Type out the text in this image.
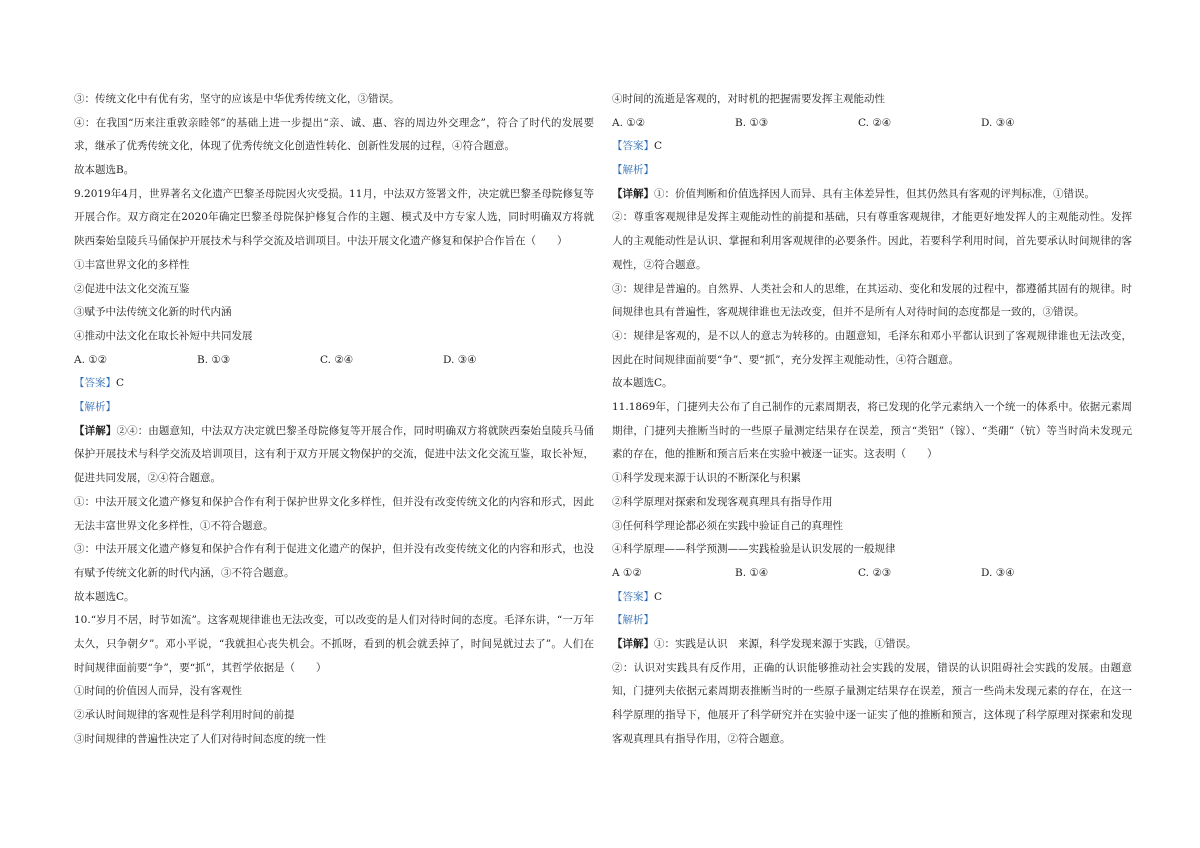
③：传统文化中有优有劣，坚守的应该是中华优秀传统文化，③错误。
④：在我国“历来注重敦亲睦邻”的基础上进一步提出“亲、诚、惠、容的周边外交理念”，符合了时代的发展要求，继承了优秀传统文化，体现了优秀传统文化创造性转化、创新性发展的过程，④符合题意。
故本题选B。
9.2019年4月，世界著名文化遗产巴黎圣母院因火灾受损。11月，中法双方签署文件，决定就巴黎圣母院修复等开展合作。双方商定在2020年确定巴黎圣母院保护修复合作的主题、模式及中方专家人选，同时明确双方将就陕西秦始皇陵兵马俑保护开展技术与科学交流及培训项目。中法开展文化遗产修复和保护合作旨在（　　）
①丰富世界文化的多样性
②促进中法文化交流互鉴
③赋予中法传统文化新的时代内涵
④推动中法文化在取长补短中共同发展
A. ①②	B. ①③	C. ②④	D. ③④
【答案】C
【解析】
【详解】②④：由题意知，中法双方决定就巴黎圣母院修复等开展合作，同时明确双方将就陕西秦始皇陵兵马俑保护开展技术与科学交流及培训项目，这有利于双方开展文物保护的交流，促进中法文化交流互鉴，取长补短，促进共同发展，②④符合题意。
①：中法开展文化遗产修复和保护合作有利于保护世界文化多样性，但并没有改变传统文化的内容和形式，因此无法丰富世界文化多样性，①不符合题意。
③：中法开展文化遗产修复和保护合作有利于促进文化遗产的保护，但并没有改变传统文化的内容和形式，也没有赋予传统文化新的时代内涵，③不符合题意。
故本题选C。
10.“岁月不居，时节如流”。这客观规律谁也无法改变，可以改变的是人们对待时间的态度。毛泽东讲，“一万年太久，只争朝夕”。邓小平说，“我就担心丧失机会。不抓呀，看到的机会就丢掉了，时间晃就过去了”。人们在时间规律面前要“争”，要“抓”，其哲学依据是（　　）
①时间的价值因人而异，没有客观性
②承认时间规律的客观性是科学利用时间的前提
③时间规律的普遍性决定了人们对待时间态度的统一性
④时间的流逝是客观的，对时机的把握需要发挥主观能动性
A. ①②	B. ①③	C. ②④	D. ③④
【答案】C
【解析】
【详解】①：价值判断和价值选择因人而异、具有主体差异性，但其仍然具有客观的评判标准，①错误。
②：尊重客观规律是发挥主观能动性的前提和基础，只有尊重客观规律，才能更好地发挥人的主观能动性。发挥人的主观能动性是认识、掌握和利用客观规律的必要条件。因此，若要科学利用时间，首先要承认时间规律的客观性，②符合题意。
③：规律是普遍的。自然界、人类社会和人的思维，在其运动、变化和发展的过程中，都遵循其固有的规律。时间规律也具有普遍性，客观规律谁也无法改变，但并不是所有人对待时间的态度都是一致的，③错误。
④：规律是客观的，是不以人的意志为转移的。由题意知，毛泽东和邓小平都认识到了客观规律谁也无法改变，因此在时间规律面前要“争”、要“抓”，充分发挥主观能动性，④符合题意。
故本题选C。
11.1869年，门捷列夫公布了自己制作的元素周期表，将已发现的化学元素纳入一个统一的体系中。依据元素周期律，门捷列夫推断当时的一些原子量测定结果存在误差，预言“类铝”（镓）、“类硼”（钪）等当时尚未发现元素的存在，他的推断和预言后来在实验中被逐一证实。这表明（　　）
①科学发现来源于认识的不断深化与积累
②科学原理对探索和发现客观真理具有指导作用
③任何科学理论都必须在实践中验证自己的真理性
④科学原理——科学预测——实践检验是认识发展的一般规律
A ①②	B. ①④	C. ②③	D. ③④
【答案】C
【解析】
【详解】①：实践是认识　来源，科学发现来源于实践，①错误。
②：认识对实践具有反作用，正确的认识能够推动社会实践的发展，错误的认识阻碍社会实践的发展。由题意知，门捷列夫依据元素周期表推断当时的一些原子量测定结果存在误差，预言一些尚未发现元素的存在，在这一科学原理的指导下，他展开了科学研究并在实验中逐一证实了他的推断和预言，这体现了科学原理对探索和发现客观真理具有指导作用，②符合题意。
